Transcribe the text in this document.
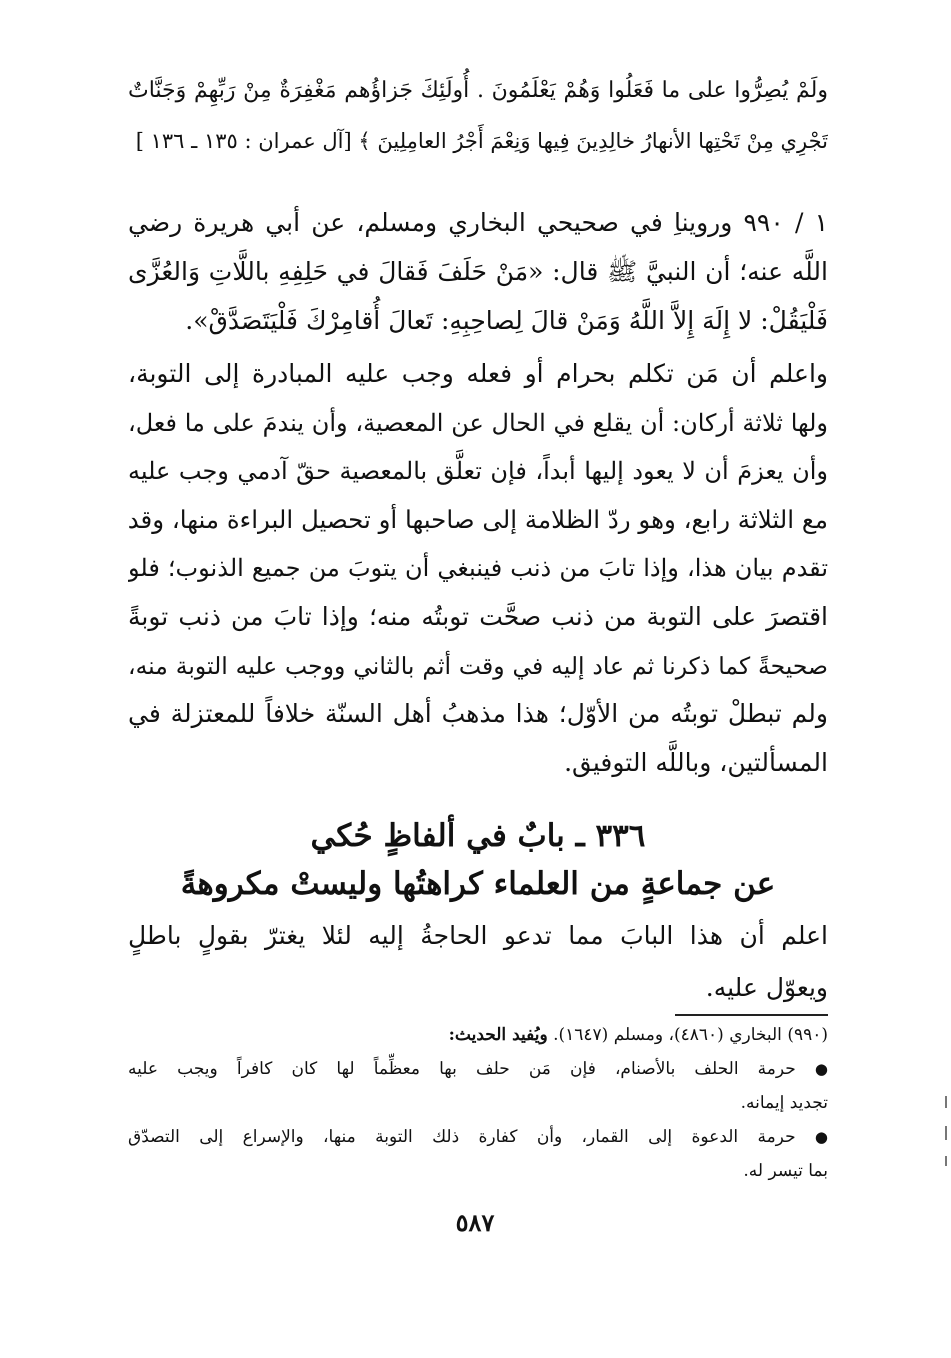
ولَمْ يُصِرُّوا على ما فَعَلُوا وَهُمْ يَعْلَمُونَ . أُولَئِكَ جَزاؤُهم مَغْفِرَةٌ مِنْ رَبِّهِمْ وَجَنَّاتٌ
تَجْرِي مِنْ تَحْتِها الأنهارُ خالِدِينَ فِيها وَنِعْمَ أَجْرُ العامِلِينَ ﴾ [آل عمران : ١٣٥ ـ ١٣٦ ]
١ / ٩٩٠ ورويناِ في صحيحي البخاري ومسلم، عن أبي هريرة رضي
اللَّه عنه؛ أن النبيَّ ﷺ قال: «مَنْ حَلَفَ فَقالَ في حَلِفِهِ باللَّاتِ وَالعُزَّى
فَلْيَقُلْ: لا إِلَهَ إِلاَّ اللَّهُ وَمَنْ قالَ لِصاحِبِهِ: تَعالَ أُقامِرْكَ فَلْيَتَصَدَّقْ».
واعلم أن مَن تكلم بحرام أو فعله وجب عليه المبادرة إلى التوبة،
ولها ثلاثة أركان: أن يقلع في الحال عن المعصية، وأن يندمَ على ما فعل،
وأن يعزمَ أن لا يعود إليها أبداً، فإن تعلَّق بالمعصية حقّ آدمي وجب عليه
مع الثلاثة رابع، وهو ردّ الظلامة إلى صاحبها أو تحصيل البراءة منها، وقد
تقدم بيان هذا، وإذا تابَ من ذنب فينبغي أن يتوبَ من جميع الذنوب؛ فلو
اقتصرَ على التوبة من ذنب صحَّت توبتُه منه؛ وإذا تابَ من ذنب توبةً
صحيحةً كما ذكرنا ثم عاد إليه في وقت أثم بالثاني ووجب عليه التوبة منه،
ولم تبطلْ توبتُه من الأوّل؛ هذا مذهبُ أهل السنّة خلافاً للمعتزلة في
المسألتين، وباللَّه التوفيق.
٣٣٦ ـ بابٌ في ألفاظٍ حُكي
عن جماعةٍ من العلماء كراهتُها وليستْ مكروهةً
اعلم أن هذا البابَ مما تدعو الحاجةُ إليه لئلا يغترّ بقولٍ باطلٍ
ويعوّل عليه.
(٩٩٠) البخاري (٤٨٦٠)، ومسلم (١٦٤٧). ويُفيد الحديث:
● حرمة الحلف بالأصنام، فإن مَن حلف بها معظِّماً لها كان كافراً ويجب عليه
تجديد إيمانه.
● حرمة الدعوة إلى القمار، وأن كفارة ذلك التوبة منها، والإسراع إلى التصدّق
بما تيسر له.
٥٨٧
